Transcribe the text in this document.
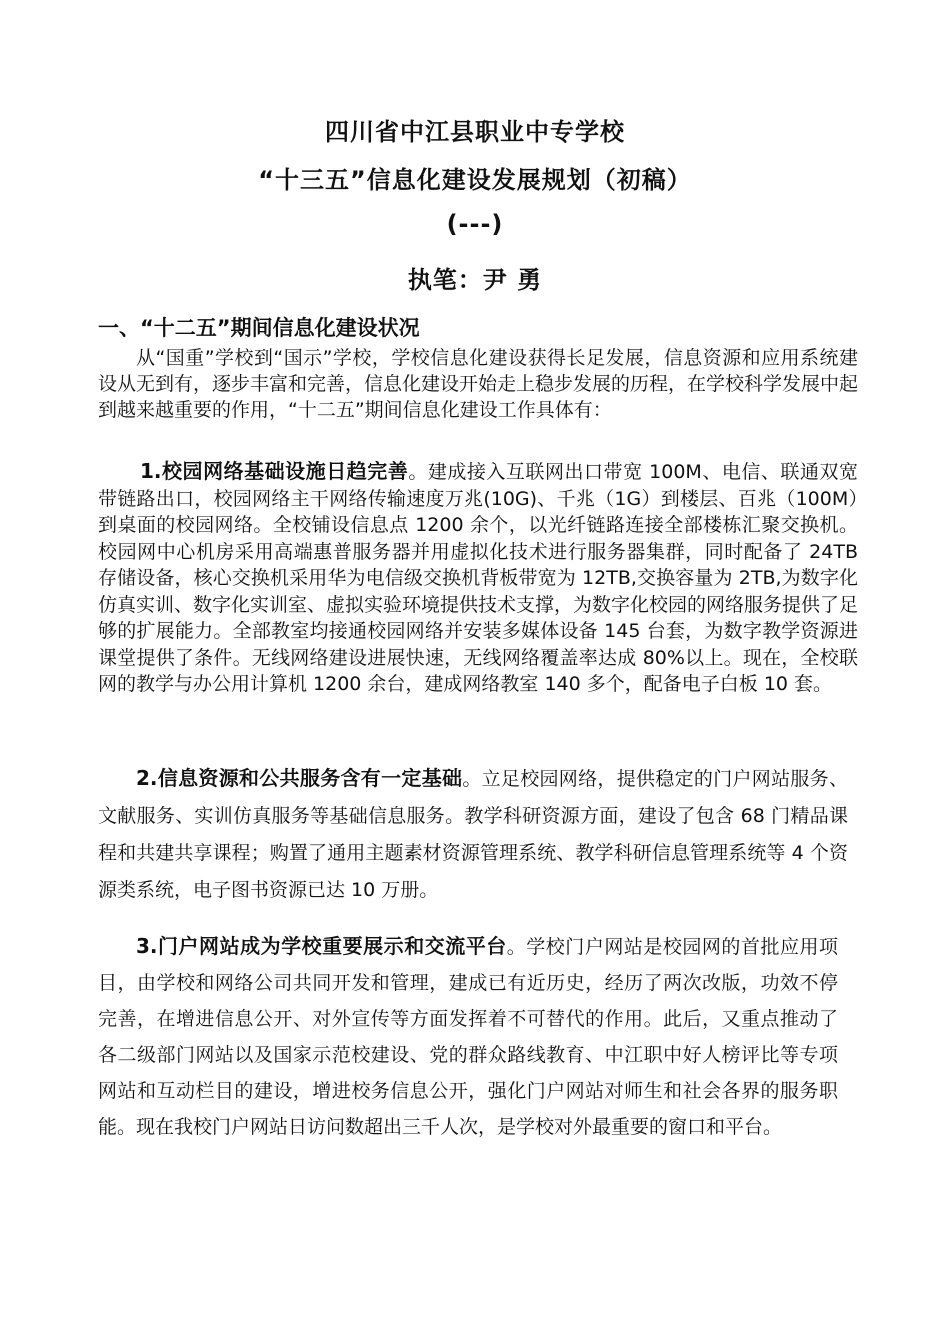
四川省中江县职业中专学校
“十三五”信息化建设发展规划（初稿）
(---)
执笔：尹 勇
一、“十二五”期间信息化建设状况

从“国重”学校到“国示”学校，学校信息化建设获得长足发展，信息资源和应用系统建设从无到有，逐步丰富和完善，信息化建设开始走上稳步发展的历程，在学校科学发展中起到越来越重要的作用，“十二五”期间信息化建设工作具体有：

1.校园网络基础设施日趋完善。建成接入互联网出口带宽 100M、电信、联通双宽带链路出口，校园网络主干网络传输速度万兆(10G)、千兆（1G）到楼层、百兆（100M）到桌面的校园网络。全校铺设信息点 1200 余个，以光纤链路连接全部楼栋汇聚交换机。校园网中心机房采用高端惠普服务器并用虚拟化技术进行服务器集群，同时配备了 24TB 存储设备，核心交换机采用华为电信级交换机背板带宽为 12TB,交换容量为 2TB,为数字化仿真实训、数字化实训室、虚拟实验环境提供技术支撑，为数字化校园的网络服务提供了足够的扩展能力。全部教室均接通校园网络并安装多媒体设备 145 台套，为数字教学资源进课堂提供了条件。无线网络建设进展快速，无线网络覆盖率达成 80%以上。现在，全校联网的教学与办公用计算机 1200 余台，建成网络教室 140 多个，配备电子白板 10 套。

2.信息资源和公共服务含有一定基础。立足校园网络，提供稳定的门户网站服务、文献服务、实训仿真服务等基础信息服务。教学科研资源方面，建设了包含 68 门精品课程和共建共享课程；购置了通用主题素材资源管理系统、教学科研信息管理系统等 4 个资源类系统，电子图书资源已达 10 万册。

3.门户网站成为学校重要展示和交流平台。学校门户网站是校园网的首批应用项目，由学校和网络公司共同开发和管理，建成已有近历史，经历了两次改版，功效不停完善，在增进信息公开、对外宣传等方面发挥着不可替代的作用。此后，又重点推动了各二级部门网站以及国家示范校建设、党的群众路线教育、中江职中好人榜评比等专项网站和互动栏目的建设，增进校务信息公开，强化门户网站对师生和社会各界的服务职能。现在我校门户网站日访问数超出三千人次，是学校对外最重要的窗口和平台。
